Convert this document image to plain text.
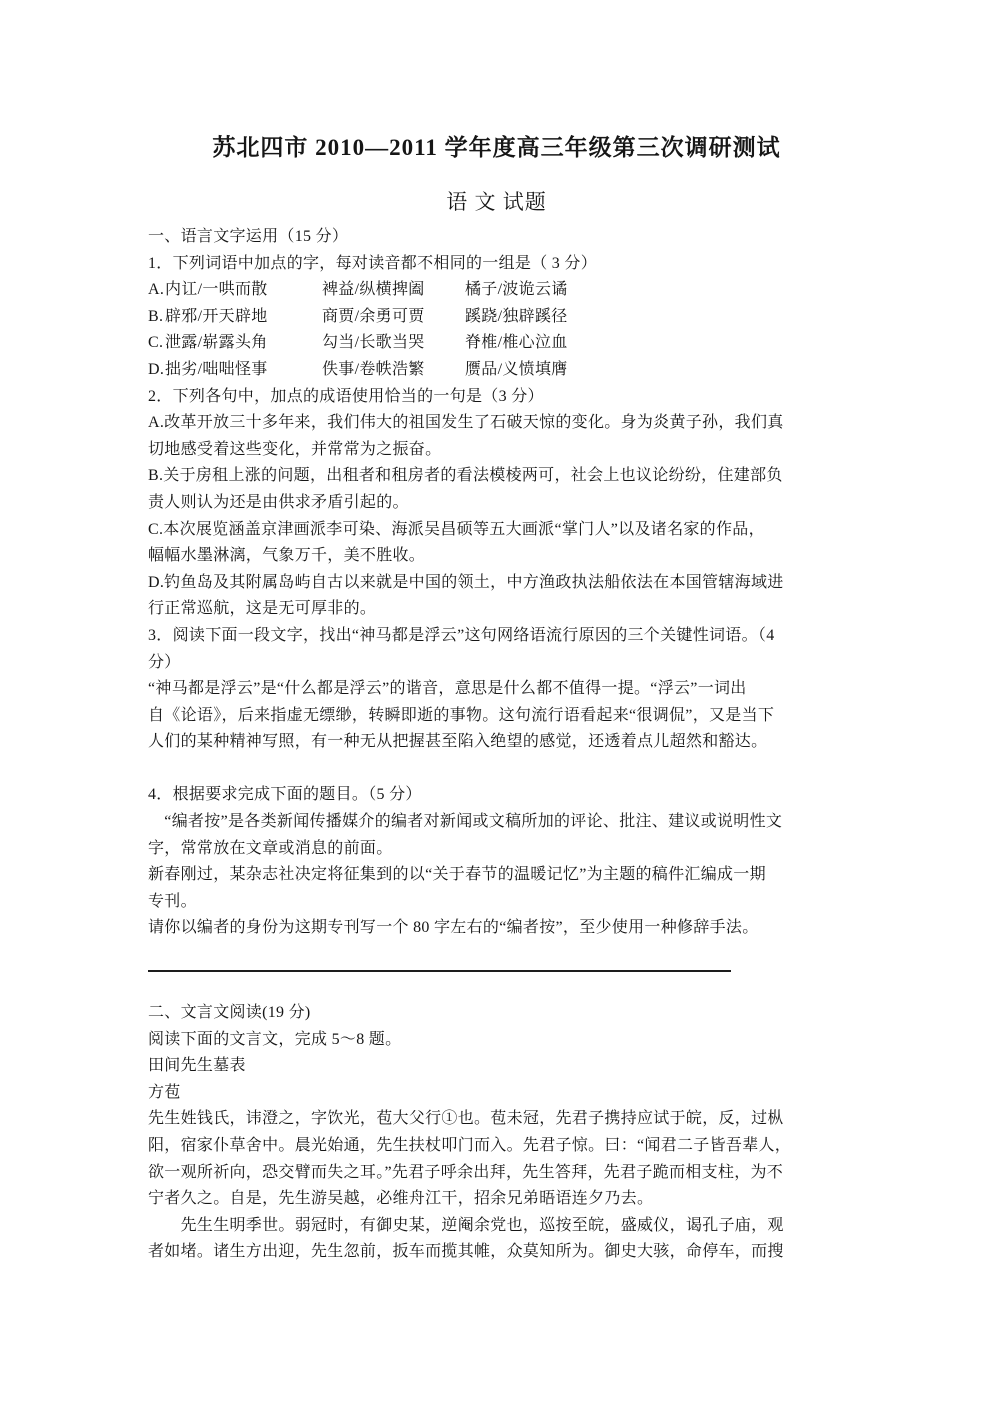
苏北四市 2010—2011 学年度高三年级第三次调研测试
语 文 试题
一、语言文字运用（15 分）
1．下列词语中加点的字，每对读音都不相同的一组是（ 3 分）
A. 内讧/一哄而散	裨益/纵横捭阖	橘子/波诡云谲
B. 辟邪/开天辟地	商贾/余勇可贾	蹊跷/独辟蹊径
C. 泄露/崭露头角	勾当/长歌当哭	脊椎/椎心泣血
D. 拙劣/咄咄怪事	佚事/卷帙浩繁	赝品/义愤填膺
2．下列各句中，加点的成语使用恰当的一句是（3 分）
A.改革开放三十多年来，我们伟大的祖国发生了石破天惊的变化。身为炎黄子孙，我们真
切地感受着这些变化，并常常为之振奋。
B.关于房租上涨的问题，出租者和租房者的看法模棱两可，社会上也议论纷纷，住建部负
责人则认为还是由供求矛盾引起的。
C.本次展览涵盖京津画派李可染、海派吴昌硕等五大画派“掌门人”以及诸名家的作品，
幅幅水墨淋漓，气象万千，美不胜收。
D.钓鱼岛及其附属岛屿自古以来就是中国的领土，中方渔政执法船依法在本国管辖海域进
行正常巡航，这是无可厚非的。
3．阅读下面一段文字，找出“神马都是浮云”这句网络语流行原因的三个关键性词语。（4
分）
“神马都是浮云”是“什么都是浮云”的谐音，意思是什么都不值得一提。“浮云”一词出
自《论语》，后来指虚无缥缈，转瞬即逝的事物。这句流行语看起来“很调侃”，又是当下
人们的某种精神写照，有一种无从把握甚至陷入绝望的感觉，还透着点儿超然和豁达。
4．根据要求完成下面的题目。（5 分）
　“编者按”是各类新闻传播媒介的编者对新闻或文稿所加的评论、批注、建议或说明性文
字，常常放在文章或消息的前面。
新春刚过，某杂志社决定将征集到的以“关于春节的温暖记忆”为主题的稿件汇编成一期
专刊。
请你以编者的身份为这期专刊写一个 80 字左右的“编者按”，至少使用一种修辞手法。
二、文言文阅读(19 分)
阅读下面的文言文，完成 5～8 题。
田间先生墓表
方苞
先生姓钱氏，讳澄之，字饮光，苞大父行①也。苞未冠，先君子携持应试于皖，反，过枞
阳，宿家仆草舍中。晨光始通，先生扶杖叩门而入。先君子惊。曰：“闻君二子皆吾辈人，
欲一观所祈向，恐交臂而失之耳。”先君子呼余出拜，先生答拜，先君子跪而相支柱，为不
宁者久之。自是，先生游吴越，必维舟江干，招余兄弟晤语连夕乃去。
　　先生生明季世。弱冠时，有御史某，逆阉余党也，巡按至皖，盛威仪，谒孔子庙，观
者如堵。诸生方出迎，先生忽前，扳车而揽其帷，众莫知所为。御史大骇，命停车，而搜
